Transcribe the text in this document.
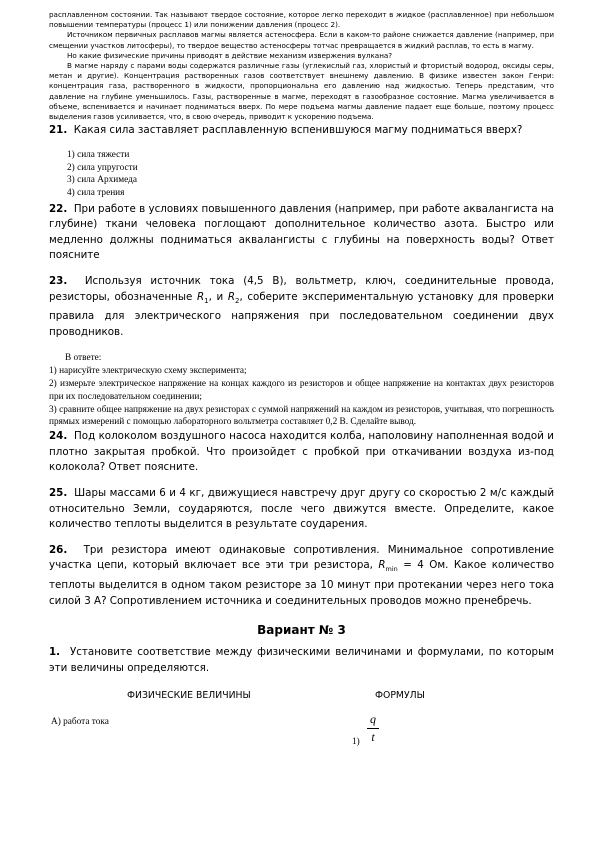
расплавленном состоянии. Так называют твердое состояние, которое легко переходит в жидкое (расплавленное) при небольшом повышении температуры (процесс 1) или понижении давления (процесс 2).

Источником первичных расплавов магмы является астеносфера. Если в каком-то районе снижается давление (например, при смещении участков литосферы), то твердое вещество астеносферы тотчас превращается в жидкий расплав, то есть в магму.

Но какие физические причины приводят в действие механизм извержения вулкана?

В магме наряду с парами воды содержатся различные газы (углекислый газ, хлористый и фтористый водород, оксиды серы, метан и другие). Концентрация растворенных газов соответствует внешнему давлению. В физике известен закон Генри: концентрация газа, растворенного в жидкости, пропорциональна его давлению над жидкостью. Теперь представим, что давление на глубине уменьшилось. Газы, растворенные в магме, переходят в газообразное состояние. Магма увеличивается в объеме, вспенивается и начинает подниматься вверх. По мере подъема магмы давление падает еще больше, поэтому процесс выделения газов усиливается, что, в свою очередь, приводит к ускорению подъема.

21. Какая сила заставляет расплавленную вспенившуюся магму подниматься вверх?

1) сила тяжести
2) сила упругости
3) сила Архимеда
4) сила трения

22. При работе в условиях повышенного давления (например, при работе аквалангиста на глубине) ткани человека поглощают дополнительное количество азота. Быстро или медленно должны подниматься аквалангисты с глубины на поверхность воды? Ответ поясните

23. Используя источник тока (4,5 В), вольтметр, ключ, соединительные провода, резисторы, обозначенные $R_1$, и $R_2$, соберите экспериментальную установку для проверки правила для электрического напряжения при последовательном соединении двух проводников.

В ответе:

1) нарисуйте электрическую схему эксперимента;

2) измерьте электрическое напряжение на концах каждого из резисторов и общее напряжение на контактах двух резисторов при их последовательном соединении;

3) сравните общее напряжение на двух резисторах с суммой напряжений на каждом из резисторов, учитывая, что погрешность прямых измерений с помощью лабораторного вольтметра составляет 0,2 В. Сделайте вывод.

24. Под колоколом воздушного насоса находится колба, наполовину наполненная водой и плотно закрытая пробкой. Что произойдет с пробкой при откачивании воздуха из-под колокола? Ответ поясните.

25. Шары массами 6 и 4 кг, движущиеся навстречу друг другу со скоростью 2 м/с каждый относительно Земли, соударяются, после чего движутся вместе. Определите, какое количество теплоты выделится в результате соударения.

26. Три резистора имеют одинаковые сопротивления. Минимальное сопротивление участка цепи, который включает все эти три резистора, $R_{min} = 4$ Ом. Какое количество теплоты выделится в одном таком резисторе за 10 минут при протекании через него тока силой 3 А? Сопротивлением источника и соединительных проводов можно пренебречь.

Вариант № 3

1. Установите соответствие между физическими величинами и формулами, по которым эти величины определяются.

ФИЗИЧЕСКИЕ ВЕЛИЧИНЫ	ФОРМУЛЫ
А) работа тока	q
t
1)
